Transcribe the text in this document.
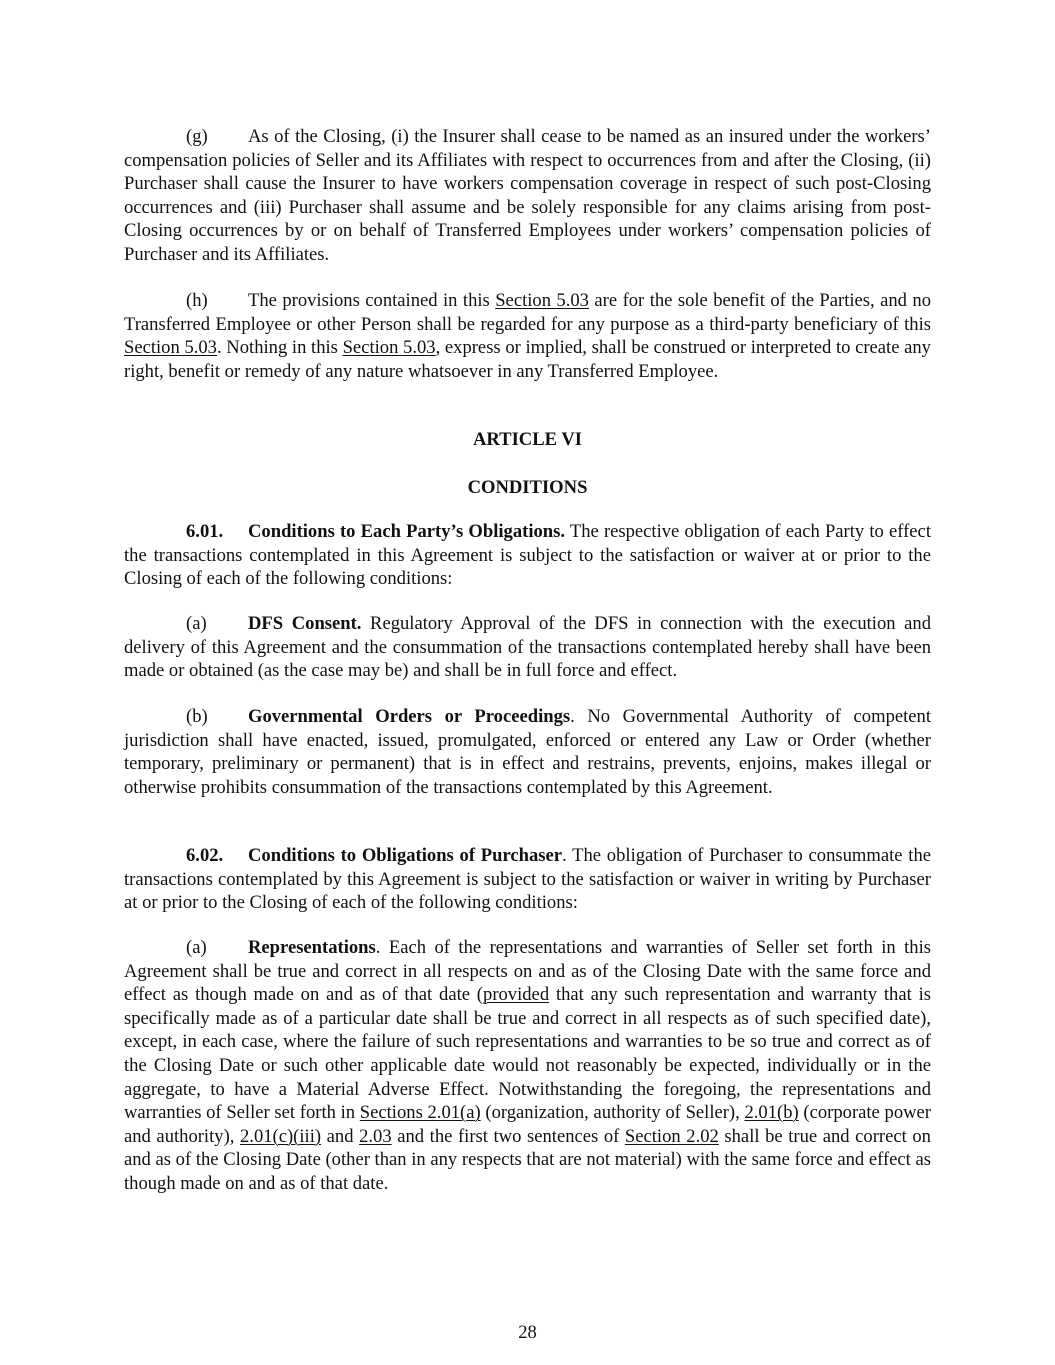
(g) As of the Closing, (i) the Insurer shall cease to be named as an insured under the workers’ compensation policies of Seller and its Affiliates with respect to occurrences from and after the Closing, (ii) Purchaser shall cause the Insurer to have workers compensation coverage in respect of such post-Closing occurrences and (iii) Purchaser shall assume and be solely responsible for any claims arising from post-Closing occurrences by or on behalf of Transferred Employees under workers’ compensation policies of Purchaser and its Affiliates.

(h) The provisions contained in this Section 5.03 are for the sole benefit of the Parties, and no Transferred Employee or other Person shall be regarded for any purpose as a third-party beneficiary of this Section 5.03. Nothing in this Section 5.03, express or implied, shall be construed or interpreted to create any right, benefit or remedy of any nature whatsoever in any Transferred Employee.

ARTICLE VI

CONDITIONS

6.01. Conditions to Each Party’s Obligations. The respective obligation of each Party to effect the transactions contemplated in this Agreement is subject to the satisfaction or waiver at or prior to the Closing of each of the following conditions:

(a) DFS Consent. Regulatory Approval of the DFS in connection with the execution and delivery of this Agreement and the consummation of the transactions contemplated hereby shall have been made or obtained (as the case may be) and shall be in full force and effect.

(b) Governmental Orders or Proceedings. No Governmental Authority of competent jurisdiction shall have enacted, issued, promulgated, enforced or entered any Law or Order (whether temporary, preliminary or permanent) that is in effect and restrains, prevents, enjoins, makes illegal or otherwise prohibits consummation of the transactions contemplated by this Agreement.

6.02. Conditions to Obligations of Purchaser. The obligation of Purchaser to consummate the transactions contemplated by this Agreement is subject to the satisfaction or waiver in writing by Purchaser at or prior to the Closing of each of the following conditions:

(a) Representations. Each of the representations and warranties of Seller set forth in this Agreement shall be true and correct in all respects on and as of the Closing Date with the same force and effect as though made on and as of that date (provided that any such representation and warranty that is specifically made as of a particular date shall be true and correct in all respects as of such specified date), except, in each case, where the failure of such representations and warranties to be so true and correct as of the Closing Date or such other applicable date would not reasonably be expected, individually or in the aggregate, to have a Material Adverse Effect. Notwithstanding the foregoing, the representations and warranties of Seller set forth in Sections 2.01(a) (organization, authority of Seller), 2.01(b) (corporate power and authority), 2.01(c)(iii) and 2.03 and the first two sentences of Section 2.02 shall be true and correct on and as of the Closing Date (other than in any respects that are not material) with the same force and effect as though made on and as of that date.

28
